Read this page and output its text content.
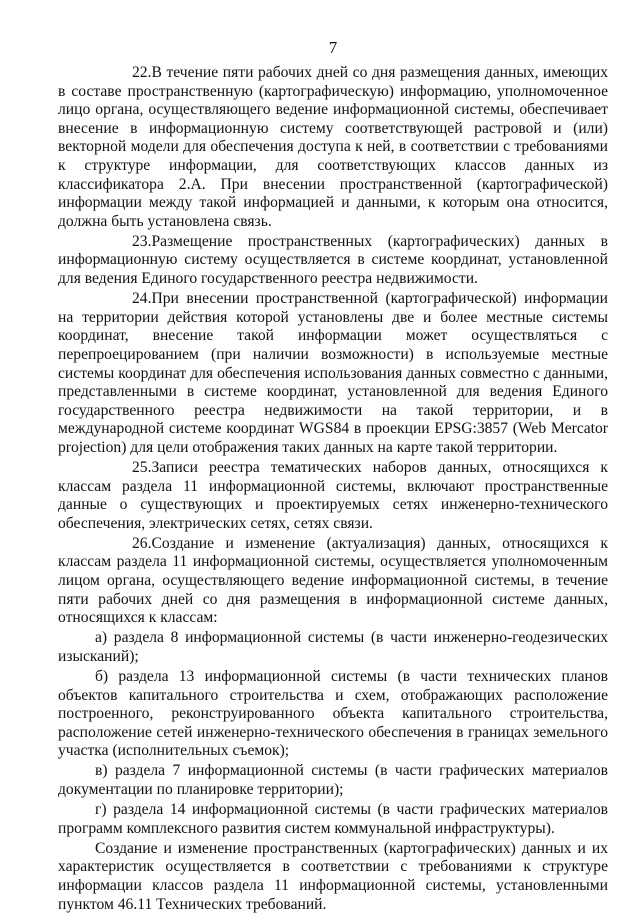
7

22.В течение пяти рабочих дней со дня размещения данных, имеющих в составе пространственную (картографическую) информацию, уполномоченное лицо органа, осуществляющего ведение информационной системы, обеспечивает внесение в информационную систему соответствующей растровой и (или) векторной модели для обеспечения доступа к ней, в соответствии с требованиями к структуре информации, для соответствующих классов данных из классификатора 2.А. При внесении пространственной (картографической) информации между такой информацией и данными, к которым она относится, должна быть установлена связь.

23.Размещение пространственных (картографических) данных в информационную систему осуществляется в системе координат, установленной для ведения Единого государственного реестра недвижимости.

24.При внесении пространственной (картографической) информации на территории действия которой установлены две и более местные системы координат, внесение такой информации может осуществляться с перепроецированием (при наличии возможности) в используемые местные системы координат для обеспечения использования данных совместно с данными, представленными в системе координат, установленной для ведения Единого государственного реестра недвижимости на такой территории, и в международной системе координат WGS84 в проекции EPSG:3857 (Web Mercator projection) для цели отображения таких данных на карте такой территории.

25.Записи реестра тематических наборов данных, относящихся к классам раздела 11 информационной системы, включают пространственные данные о существующих и проектируемых сетях инженерно-технического обеспечения, электрических сетях, сетях связи.

26.Создание и изменение (актуализация) данных, относящихся к классам раздела 11 информационной системы, осуществляется уполномоченным лицом органа, осуществляющего ведение информационной системы, в течение пяти рабочих дней со дня размещения в информационной системе данных, относящихся к классам:

а) раздела 8 информационной системы (в части инженерно-геодезических изысканий);

б) раздела 13 информационной системы (в части технических планов объектов капитального строительства и схем, отображающих расположение построенного, реконструированного объекта капитального строительства, расположение сетей инженерно-технического обеспечения в границах земельного участка (исполнительных съемок);

в) раздела 7 информационной системы (в части графических материалов документации по планировке территории);

г) раздела 14 информационной системы (в части графических материалов программ комплексного развития систем коммунальной инфраструктуры).

Создание и изменение пространственных (картографических) данных и их характеристик осуществляется в соответствии с требованиями к структуре информации классов раздела 11 информационной системы, установленными пунктом 46.11 Технических требований.
